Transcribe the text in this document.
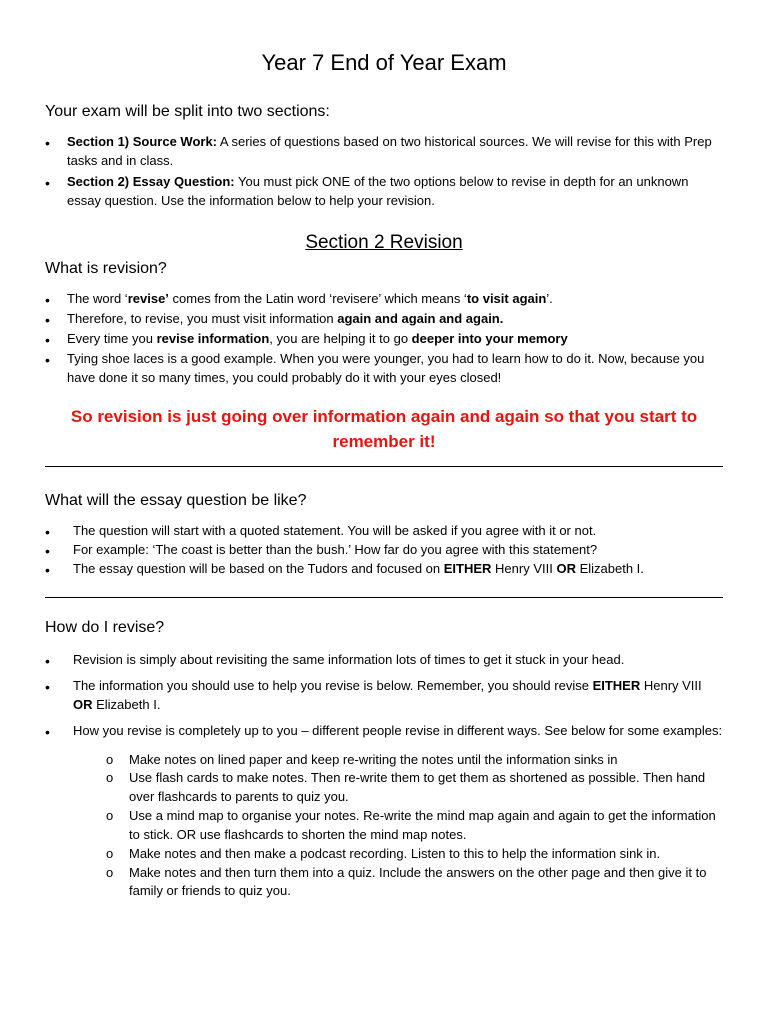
Year 7 End of Year Exam

Your exam will be split into two sections:

• Section 1) Source Work: A series of questions based on two historical sources. We will revise for this with Prep tasks and in class.
• Section 2) Essay Question: You must pick ONE of the two options below to revise in depth for an unknown essay question. Use the information below to help your revision.
Section 2 Revision

What is revision?

• The word ‘revise’ comes from the Latin word ‘revisere’ which means ‘to visit again’.
• Therefore, to revise, you must visit information again and again and again.
• Every time you revise information, you are helping it to go deeper into your memory
• Tying shoe laces is a good example. When you were younger, you had to learn how to do it. Now, because you have done it so many times, you could probably do it with your eyes closed!
So revision is just going over information again and again so that you start to remember it!

What will the essay question be like?

• The question will start with a quoted statement. You will be asked if you agree with it or not.
• For example: ‘The coast is better than the bush.’ How far do you agree with this statement?
• The essay question will be based on the Tudors and focused on EITHER Henry VIII OR Elizabeth I.

How do I revise?

• Revision is simply about revisiting the same information lots of times to get it stuck in your head.
• The information you should use to help you revise is below. Remember, you should revise EITHER Henry VIII OR Elizabeth I.
• How you revise is completely up to you – different people revise in different ways. See below for some examples:
o Make notes on lined paper and keep re-writing the notes until the information sinks in
o Use flash cards to make notes. Then re-write them to get them as shortened as possible. Then hand over flashcards to parents to quiz you.
o Use a mind map to organise your notes. Re-write the mind map again and again to get the information to stick. OR use flashcards to shorten the mind map notes.
o Make notes and then make a podcast recording. Listen to this to help the information sink in.
o Make notes and then turn them into a quiz. Include the answers on the other page and then give it to family or friends to quiz you.
